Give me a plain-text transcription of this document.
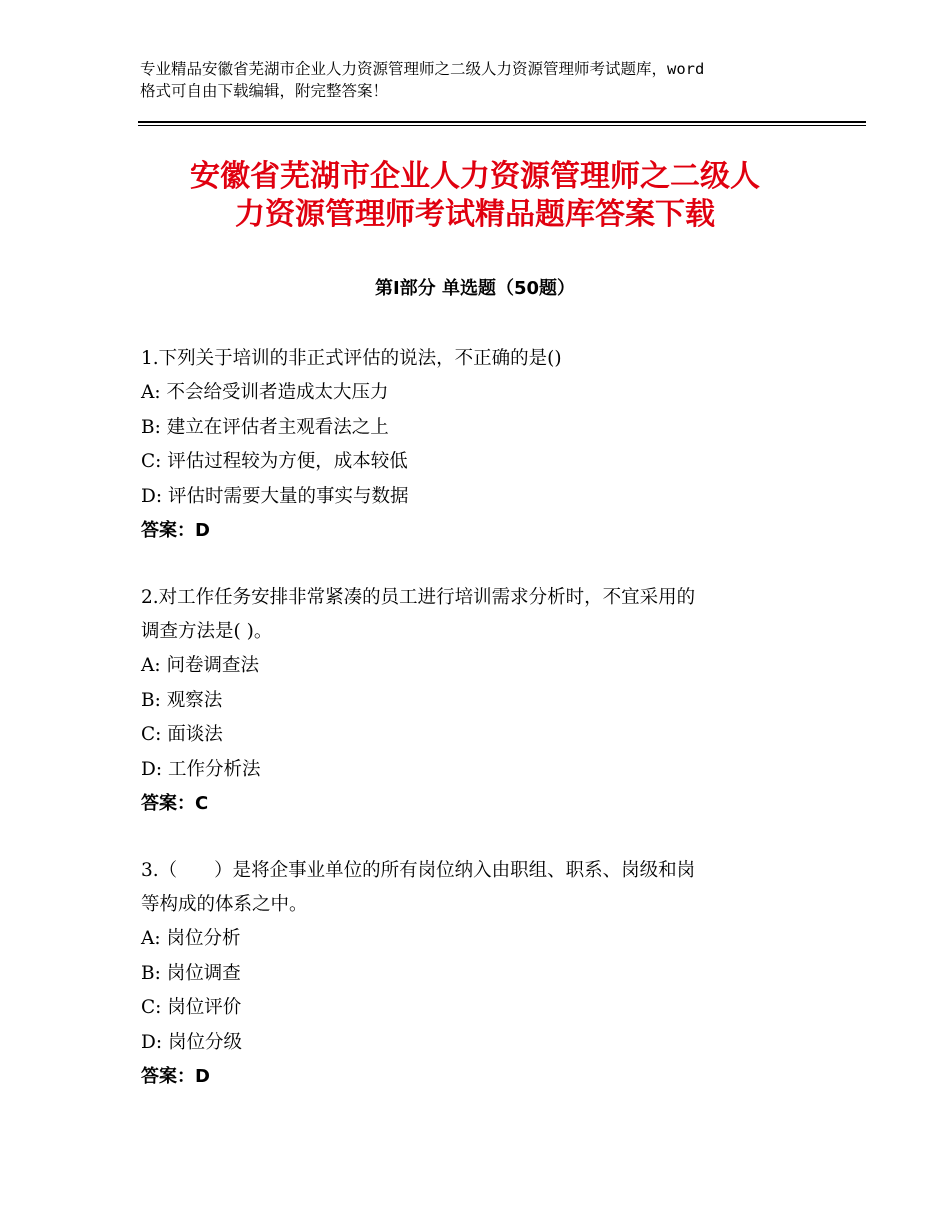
专业精品安徽省芜湖市企业人力资源管理师之二级人力资源管理师考试题库，word
格式可自由下载编辑，附完整答案！
安徽省芜湖市企业人力资源管理师之二级人
力资源管理师考试精品题库答案下载
第Ⅰ部分 单选题（50题）

1.下列关于培训的非正式评估的说法，不正确的是()

A: 不会给受训者造成太大压力

B: 建立在评估者主观看法之上

C: 评估过程较为方便，成本较低

D: 评估时需要大量的事实与数据

答案：D

2.对工作任务安排非常紧凑的员工进行培训需求分析时，不宜采用的

调查方法是( )。

A: 问卷调查法

B: 观察法

C: 面谈法

D: 工作分析法

答案：C

3.（　　）是将企事业单位的所有岗位纳入由职组、职系、岗级和岗

等构成的体系之中。

A: 岗位分析

B: 岗位调查

C: 岗位评价

D: 岗位分级

答案：D
